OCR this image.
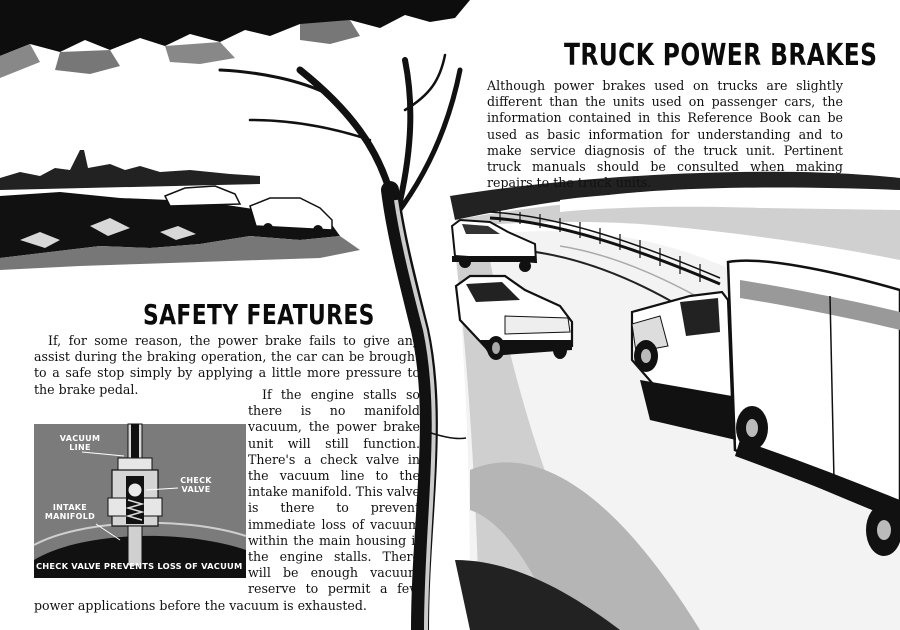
TRUCK POWER BRAKES

Although power brakes used on trucks are slightly different than the units used on passenger cars, the information contained in this Reference Book can be used as basic information for understanding and to make service diagnosis of the truck unit. Pertinent truck manuals should be consulted when making repairs to the truck units.

SAFETY FEATURES

If, for some reason, the power brake fails to give any assist during the braking operation, the car can be brought to a safe stop simply by applying a little more pressure to the brake pedal.	If the engine stalls so there is no manifold vacuum, the power brake unit will still function. There's a check valve in the vacuum line to the intake manifold. This valve is there to prevent immediate loss of vacuum within the main housing if the engine stalls. There will be enough vacuum reserve to permit a few power applications before the vacuum is exhausted.
VACUUM
LINE
CHECK
VALVE
INTAKE
MANIFOLD
CHECK VALVE PREVENTS LOSS OF VACUUM
